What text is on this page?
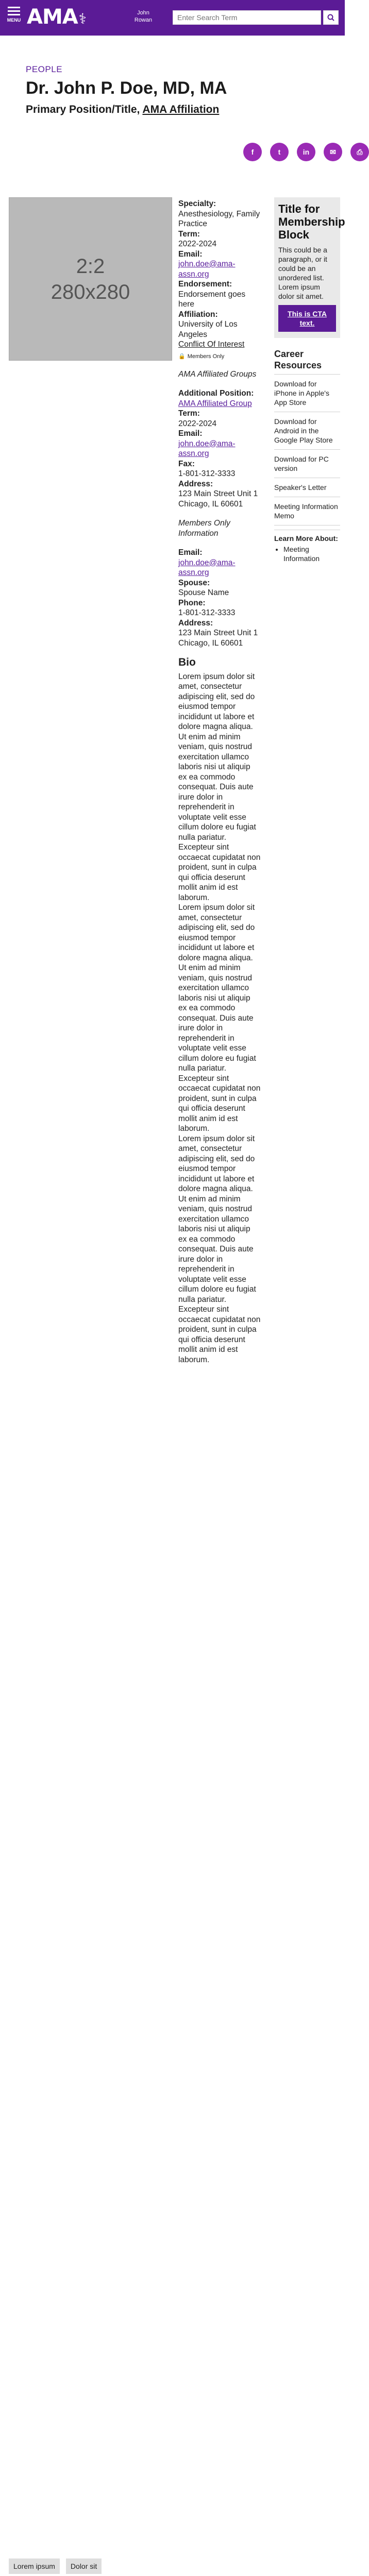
MENU AMA⚕	John
Rowan
Enter Search Term
PEOPLE
Dr. John P. Doe, MD, MA
Primary Position/Title, AMA Affiliation
f	t	in	✉	⎙
2:2
280x280
Specialty:
Anesthesiology, Family Practice
Term:
2022-2024
Email:
john.doe@ama-assn.org
Endorsement:
Endorsement goes here
Affiliation:
University of Los Angeles
Conflict Of Interest
🔒 Members Only
AMA Affiliated Groups
Additional Position:
AMA Affiliated Group
Term:
2022-2024
Email:
john.doe@ama-assn.org
Fax:
1-801-312-3333
Address:
123 Main Street Unit 1
Chicago, IL 60601
Members Only Information
Email:
john.doe@ama-assn.org
Spouse:
Spouse Name
Phone:
1-801-312-3333
Address:
123 Main Street Unit 1
Chicago, IL 60601
Bio

Lorem ipsum dolor sit amet, consectetur adipiscing elit, sed do eiusmod tempor incididunt ut labore et dolore magna aliqua. Ut enim ad minim veniam, quis nostrud exercitation ullamco laboris nisi ut aliquip ex ea commodo consequat. Duis aute irure dolor in reprehenderit in voluptate velit esse cillum dolore eu fugiat nulla pariatur. Excepteur sint occaecat cupidatat non proident, sunt in culpa qui officia deserunt mollit anim id est laborum.

Lorem ipsum dolor sit amet, consectetur adipiscing elit, sed do eiusmod tempor incididunt ut labore et dolore magna aliqua. Ut enim ad minim veniam, quis nostrud exercitation ullamco laboris nisi ut aliquip ex ea commodo consequat. Duis aute irure dolor in reprehenderit in voluptate velit esse cillum dolore eu fugiat nulla pariatur. Excepteur sint occaecat cupidatat non proident, sunt in culpa qui officia deserunt mollit anim id est laborum.

Lorem ipsum dolor sit amet, consectetur adipiscing elit, sed do eiusmod tempor incididunt ut labore et dolore magna aliqua. Ut enim ad minim veniam, quis nostrud exercitation ullamco laboris nisi ut aliquip ex ea commodo consequat. Duis aute irure dolor in reprehenderit in voluptate velit esse cillum dolore eu fugiat nulla pariatur. Excepteur sint occaecat cupidatat non proident, sunt in culpa qui officia deserunt mollit anim id est laborum.

Title for Membership Block

This could be a paragraph, or it could be an unordered list. Lorem ipsum dolor sit amet.

This is CTA text.
Career Resources
Download for iPhone in Apple's App Store
Download for Android in the Google Play Store
Download for PC version
Speaker's Letter
Meeting Information Memo
Learn More About:
• Meeting Information
Lorem ipsum	Dolor sit
